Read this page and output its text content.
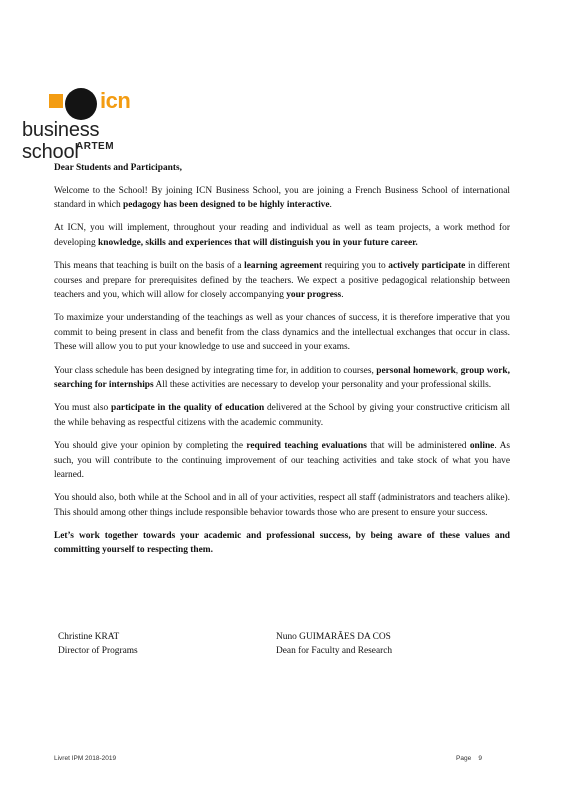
icn
business school
ARTEM
Dear Students and Participants,

Welcome to the School! By joining ICN Business School, you are joining a French Business School of international standard in which pedagogy has been designed to be highly interactive.

At ICN, you will implement, throughout your reading and individual as well as team projects, a work method for developing knowledge, skills and experiences that will distinguish you in your future career.

This means that teaching is built on the basis of a learning agreement requiring you to actively participate in different courses and prepare for prerequisites defined by the teachers. We expect a positive pedagogical relationship between teachers and you, which will allow for closely accompanying your progress.

To maximize your understanding of the teachings as well as your chances of success, it is therefore imperative that you commit to being present in class and benefit from the class dynamics and the intellectual exchanges that occur in class. These will allow you to put your knowledge to use and succeed in your exams.

Your class schedule has been designed by integrating time for, in addition to courses, personal homework, group work, searching for internships All these activities are necessary to develop your personality and your professional skills.

You must also participate in the quality of education delivered at the School by giving your constructive criticism all the while behaving as respectful citizens with the academic community.

You should give your opinion by completing the required teaching evaluations that will be administered online. As such, you will contribute to the continuing improvement of our teaching activities and take stock of what you have learned.

You should also, both while at the School and in all of your activities, respect all staff (administrators and teachers alike). This should among other things include responsible behavior towards those who are present to ensure your success.

Let’s work together towards your academic and professional success, by being aware of these values and committing yourself to respecting them.

Christine KRAT
Director of Programs
Nuno GUIMARÃES DA COS
Dean for Faculty and Research
Livret IPM 2018-2019	Page 9
